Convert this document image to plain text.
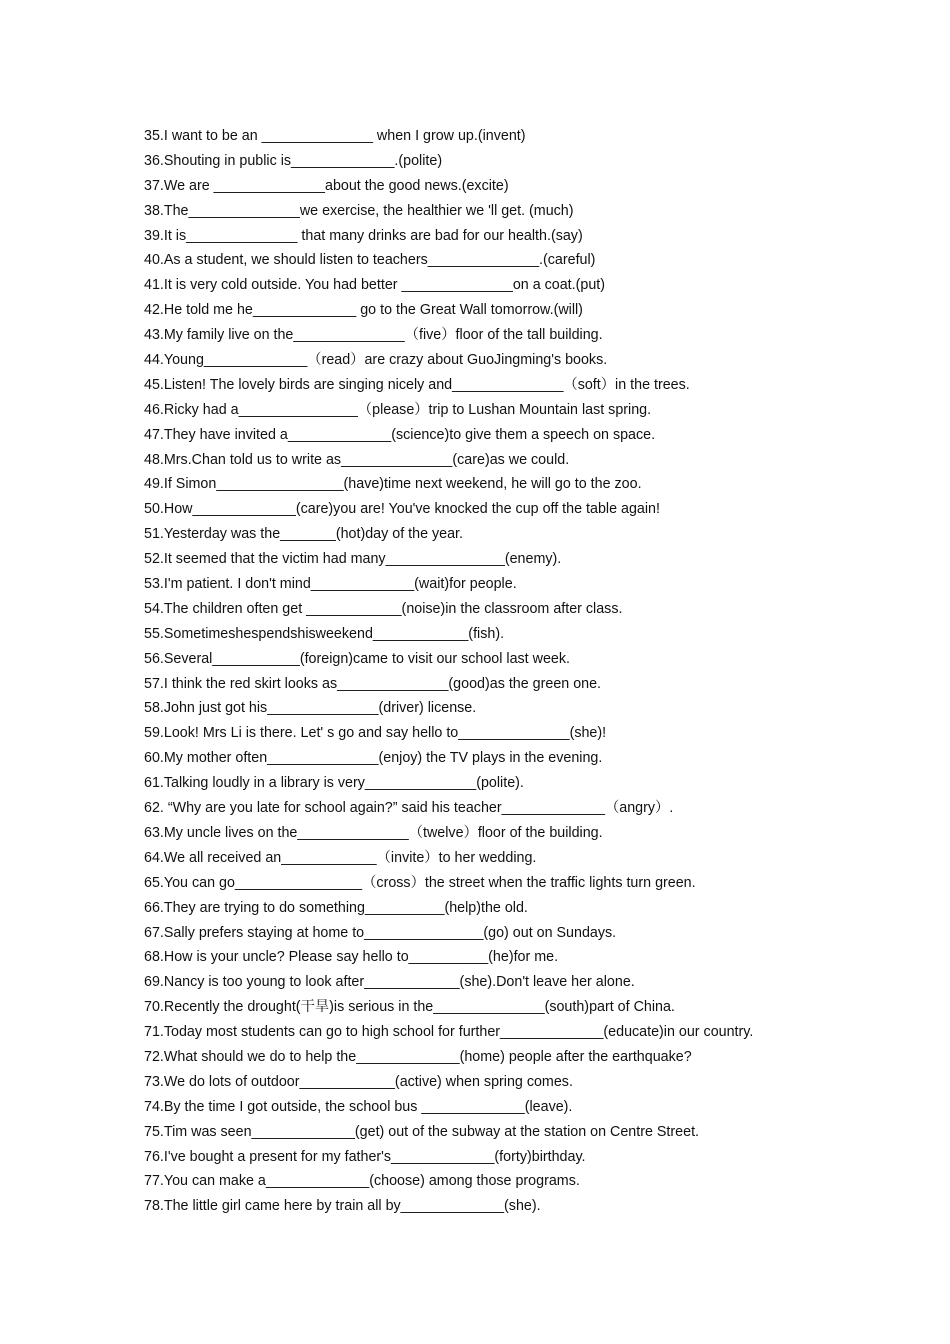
35.I want to be an ______________ when I grow up.(invent)
36.Shouting in public is_____________.(polite)
37.We are ______________about the good news.(excite)
38.The______________we exercise, the healthier we 'll get. (much)
39.It is______________ that many drinks are bad for our health.(say)
40.As a student, we should listen to teachers______________.(careful)
41.It is very cold outside. You had better ______________on a coat.(put)
42.He told me he_____________ go to the Great Wall tomorrow.(will)
43.My family live on the______________（five）floor of the tall building.
44.Young_____________（read）are crazy about GuoJingming's books.
45.Listen! The lovely birds are singing nicely and______________（soft）in the trees.
46.Ricky had a_______________（please）trip to Lushan Mountain last spring.
47.They have invited a_____________(science)to give them a speech on space.
48.Mrs.Chan told us to write as______________(care)as we could.
49.If Simon________________(have)time next weekend, he will go to the zoo.
50.How_____________(care)you are! You've knocked the cup off the table again!
51.Yesterday was the_______(hot)day of the year.
52.It seemed that the victim had many_______________(enemy).
53.I'm patient. I don't mind_____________(wait)for people.
54.The children often get ____________(noise)in the classroom after class.
55.Sometimeshespendshisweekend____________(fish).
56.Several___________(foreign)came to visit our school last week.
57.I think the red skirt looks as______________(good)as the green one.
58.John just got his______________(driver) license.
59.Look! Mrs Li is there. Let' s go and say hello to______________(she)!
60.My mother often______________(enjoy) the TV plays in the evening.
61.Talking loudly in a library is very______________(polite).
62. “Why are you late for school again?” said his teacher_____________（angry）.
63.My uncle lives on the______________（twelve）floor of the building.
64.We all received an____________（invite）to her wedding.
65.You can go________________（cross）the street when the traffic lights turn green.
66.They are trying to do something__________(help)the old.
67.Sally prefers staying at home to_______________(go) out on Sundays.
68.How is your uncle? Please say hello to__________(he)for me.
69.Nancy is too young to look after____________(she).Don't leave her alone.
70.Recently the drought(干旱)is serious in the______________(south)part of China.
71.Today most students can go to high school for further_____________(educate)in our country.
72.What should we do to help the_____________(home) people after the earthquake?
73.We do lots of outdoor____________(active) when spring comes.
74.By the time I got outside, the school bus _____________(leave).
75.Tim was seen_____________(get) out of the subway at the station on Centre Street.
76.I've bought a present for my father's_____________(forty)birthday.
77.You can make a_____________(choose) among those programs.
78.The little girl came here by train all by_____________(she).
